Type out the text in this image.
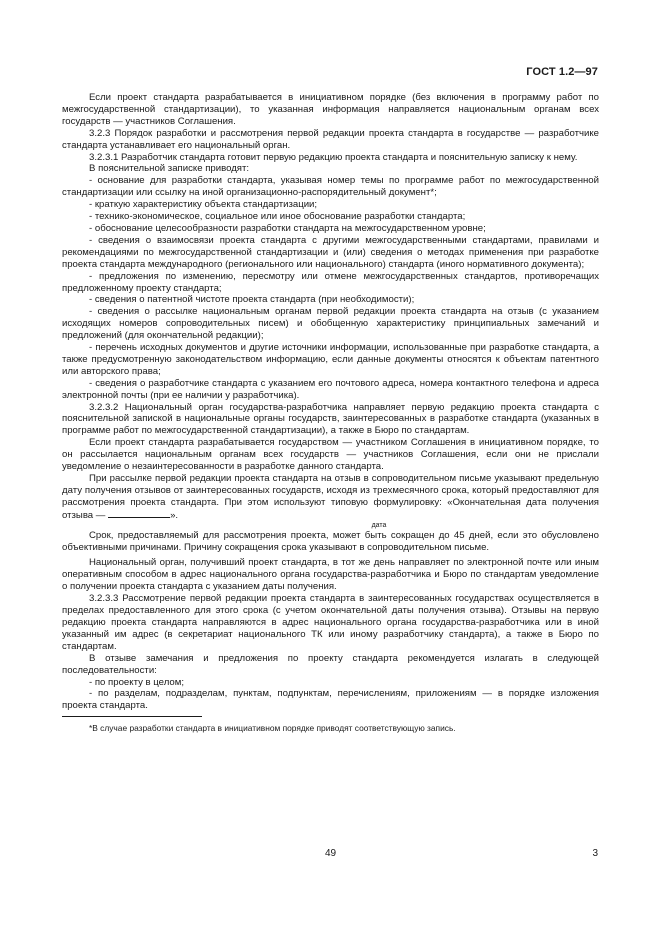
ГОСТ 1.2—97

Если проект стандарта разрабатывается в инициативном порядке (без включения в программу работ по межгосударственной стандартизации), то указанная информация направляется национальным органам всех государств — участников Соглашения.

3.2.3 Порядок разработки и рассмотрения первой редакции проекта стандарта в государстве — разработчике стандарта устанавливает его национальный орган.

3.2.3.1 Разработчик стандарта готовит первую редакцию проекта стандарта и пояснительную записку к нему.

В пояснительной записке приводят:

- основание для разработки стандарта, указывая номер темы по программе работ по межгосударственной стандартизации или ссылку на иной организационно-распорядительный документ*;

- краткую характеристику объекта стандартизации;

- технико-экономическое, социальное или иное обоснование разработки стандарта;

- обоснование целесообразности разработки стандарта на межгосударственном уровне;

- сведения о взаимосвязи проекта стандарта с другими межгосударственными стандартами, правилами и рекомендациями по межгосударственной стандартизации и (или) сведения о методах применения при разработке проекта стандарта международного (регионального или национального) стандарта (иного нормативного документа);

- предложения по изменению, пересмотру или отмене межгосударственных стандартов, противоречащих предложенному проекту стандарта;

- сведения о патентной чистоте проекта стандарта (при необходимости);

- сведения о рассылке национальным органам первой редакции проекта стандарта на отзыв (с указанием исходящих номеров сопроводительных писем) и обобщенную характеристику принципиальных замечаний и предложений (для окончательной редакции);

- перечень исходных документов и другие источники информации, использованные при разработке стандарта, а также предусмотренную законодательством информацию, если данные документы относятся к объектам патентного или авторского права;

- сведения о разработчике стандарта с указанием его почтового адреса, номера контактного телефона и адреса электронной почты (при ее наличии у разработчика).

3.2.3.2 Национальный орган государства-разработчика направляет первую редакцию проекта стандарта с пояснительной запиской в национальные органы государств, заинтересованных в разработке стандарта (указанных в программе работ по межгосударственной стандартизации), а также в Бюро по стандартам.

Если проект стандарта разрабатывается государством — участником Соглашения в инициативном порядке, то он рассылается национальным органам всех государств — участников Соглашения, если они не прислали уведомление о незаинтересованности в разработке данного стандарта.

При рассылке первой редакции проекта стандарта на отзыв в сопроводительном письме указывают предельную дату получения отзывов от заинтересованных государств, исходя из трехмесячного срока, который предоставляют для рассмотрения проекта стандарта. При этом используют типовую формулировку: «Окончательная дата получения отзыва —	».

дата

Срок, предоставляемый для рассмотрения проекта, может быть сокращен до 45 дней, если это обусловлено объективными причинами. Причину сокращения срока указывают в сопроводительном письме.

Национальный орган, получивший проект стандарта, в тот же день направляет по электронной почте или иным оперативным способом в адрес национального органа государства-разработчика и Бюро по стандартам уведомление о получении проекта стандарта с указанием даты получения.

3.2.3.3 Рассмотрение первой редакции проекта стандарта в заинтересованных государствах осуществляется в пределах предоставленного для этого срока (с учетом окончательной даты получения отзыва). Отзывы на первую редакцию проекта стандарта направляются в адрес национального органа государства-разработчика или в иной указанный им адрес (в секретариат национального ТК или иному разработчику стандарта), а также в Бюро по стандартам.

В отзыве замечания и предложения по проекту стандарта рекомендуется излагать в следующей последовательности:

- по проекту в целом;

- по разделам, подразделам, пунктам, подпунктам, перечислениям, приложениям — в порядке изложения проекта стандарта.

*В случае разработки стандарта в инициативном порядке приводят соответствующую запись.

49	3
